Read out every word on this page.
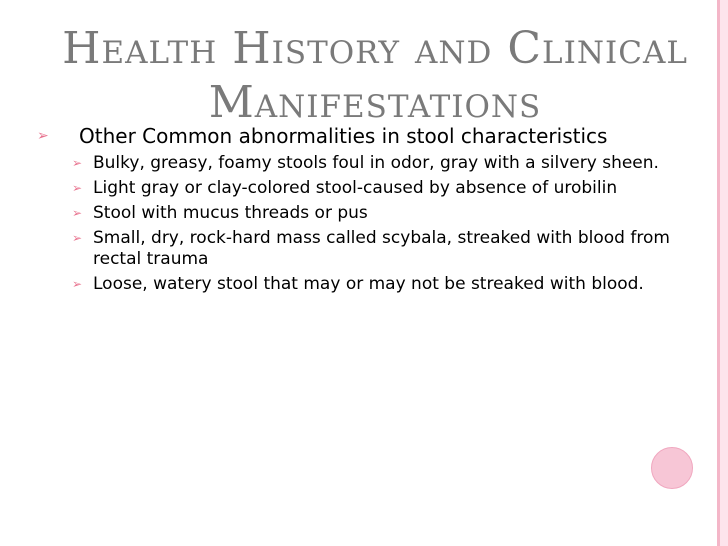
Health History and Clinical
Manifestations
➢ Other Common abnormalities in stool characteristics
➢ Bulky, greasy, foamy stools foul in odor, gray with a silvery sheen.
➢ Light gray or clay-colored stool-caused by absence of urobilin
➢ Stool with mucus threads or pus
➢ Small, dry, rock-hard mass called scybala, streaked with blood from rectal trauma
➢ Loose, watery stool that may or may not be streaked with blood.
